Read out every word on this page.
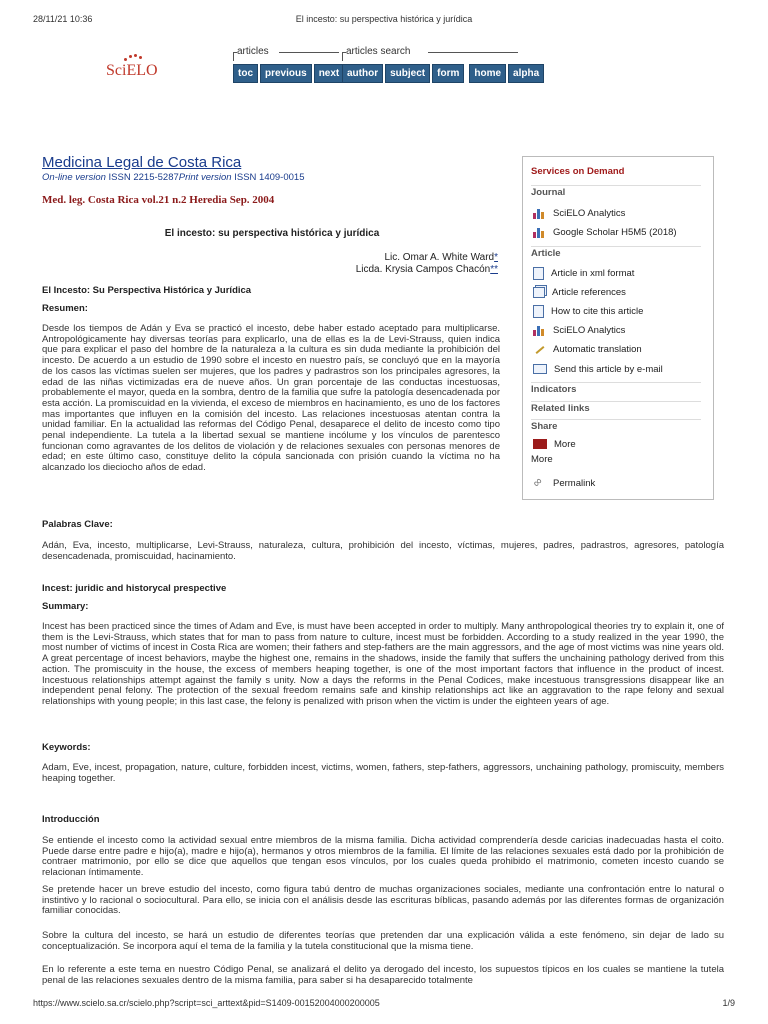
28/11/21 10:36	El incesto: su perspectiva histórica y jurídica
SciELO
articles
toc	previous	next
articles search
author	subject	form	home	alpha
Medicina Legal de Costa Rica
On-line version ISSN 2215-5287Print version ISSN 1409-0015
Med. leg. Costa Rica vol.21 n.2 Heredia Sep. 2004
El incesto: su perspectiva histórica y jurídica
Lic. Omar A. White Ward*
Licda. Krysia Campos Chacón**
El Incesto: Su Perspectiva Histórica y Jurídica
Resumen:
Desde los tiempos de Adán y Eva se practicó el incesto, debe haber estado aceptado para multiplicarse. Antropológicamente hay diversas teorías para explicarlo, una de ellas es la de Levi-Strauss, quien indica que para explicar el paso del hombre de la naturaleza a la cultura es sin duda mediante la prohibición del incesto. De acuerdo a un estudio de 1990 sobre el incesto en nuestro país, se concluyó que en la mayoría de los casos las víctimas suelen ser mujeres, que los padres y padrastros son los principales agresores, la edad de las niñas victimizadas era de nueve años. Un gran porcentaje de las conductas incestuosas, probablemente el mayor, queda en la sombra, dentro de la familia que sufre la patología desencadenada por esta acción. La promiscuidad en la vivienda, el exceso de miembros en hacinamiento, es uno de los factores mas importantes que influyen en la comisión del incesto. Las relaciones incestuosas atentan contra la unidad familiar. En la actualidad las reformas del Código Penal, desaparece el delito de incesto como tipo penal independiente. La tutela a la libertad sexual se mantiene incólume y los vínculos de parentesco funcionan como agravantes de los delitos de violación y de relaciones sexuales con personas menores de edad; en este último caso, constituye delito la cópula sancionada con prisión cuando la víctima no ha alcanzado los dieciocho años de edad.
Palabras Clave:
Adán, Eva, incesto, multiplicarse, Levi-Strauss, naturaleza, cultura, prohibición del incesto, víctimas, mujeres, padres, padrastros, agresores, patología desencadenada, promiscuidad, hacinamiento.
Incest: juridic and historycal prespective
Summary:
Incest has been practiced since the times of Adam and Eve, is must have been accepted in order to multiply. Many anthropological theories try to explain it, one of them is the Levi-Strauss, which states that for man to pass from nature to culture, incest must be forbidden. According to a study realized in the year 1990, the most number of victims of incest in Costa Rica are women; their fathers and step-fathers are the main aggressors, and the age of most victims was nine years old. A great percentage of incest behaviors, maybe the highest one, remains in the shadows, inside the family that suffers the unchaining pathology derived from this action. The promiscuity in the house, the excess of members heaping together, is one of the most important factors that influence in the product of incest. Incestuous relationships attempt against the family s unity. Now a days the reforms in the Penal Codices, make incestuous transgressions disappear like an independent penal felony. The protection of the sexual freedom remains safe and kinship relationships act like an aggravation to the rape felony and sexual relationships with young people; in this last case, the felony is penalized with prison when the victim is under the eighteen years of age.
Keywords:
Adam, Eve, incest, propagation, nature, culture, forbidden incest, victims, women, fathers, step-fathers, aggressors, unchaining pathology, promiscuity, members heaping together.
Introducción
Se entiende el incesto como la actividad sexual entre miembros de la misma familia. Dicha actividad comprendería desde caricias inadecuadas hasta el coito. Puede darse entre padre e hijo(a), madre e hijo(a), hermanos y otros miembros de la familia. El límite de las relaciones sexuales está dado por la prohibición de contraer matrimonio, por ello se dice que aquellos que tengan esos vínculos, por los cuales queda prohibido el matrimonio, cometen incesto cuando se relacionan íntimamente.
Se pretende hacer un breve estudio del incesto, como figura tabú dentro de muchas organizaciones sociales, mediante una confrontación entre lo natural o instintivo y lo racional o sociocultural. Para ello, se inicia con el análisis desde las escrituras bíblicas, pasando además por las diferentes formas de organización familiar conocidas.
Sobre la cultura del incesto, se hará un estudio de diferentes teorías que pretenden dar una explicación válida a este fenómeno, sin dejar de lado su conceptualización. Se incorpora aquí el tema de la familia y la tutela constitucional que la misma tiene.
En lo referente a este tema en nuestro Código Penal, se analizará el delito ya derogado del incesto, los supuestos típicos en los cuales se mantiene la tutela penal de las relaciones sexuales dentro de la misma familia, para saber si ha desaparecido totalmente
Services on Demand
Journal
SciELO Analytics
Google Scholar H5M5 (2018)
Article
Article in xml format
Article references
How to cite this article
SciELO Analytics
Automatic translation
Send this article by e-mail
Indicators
Related links
Share
More
More
∞
Permalink
https://www.scielo.sa.cr/scielo.php?script=sci_arttext&pid=S1409-00152004000200005	1/9
